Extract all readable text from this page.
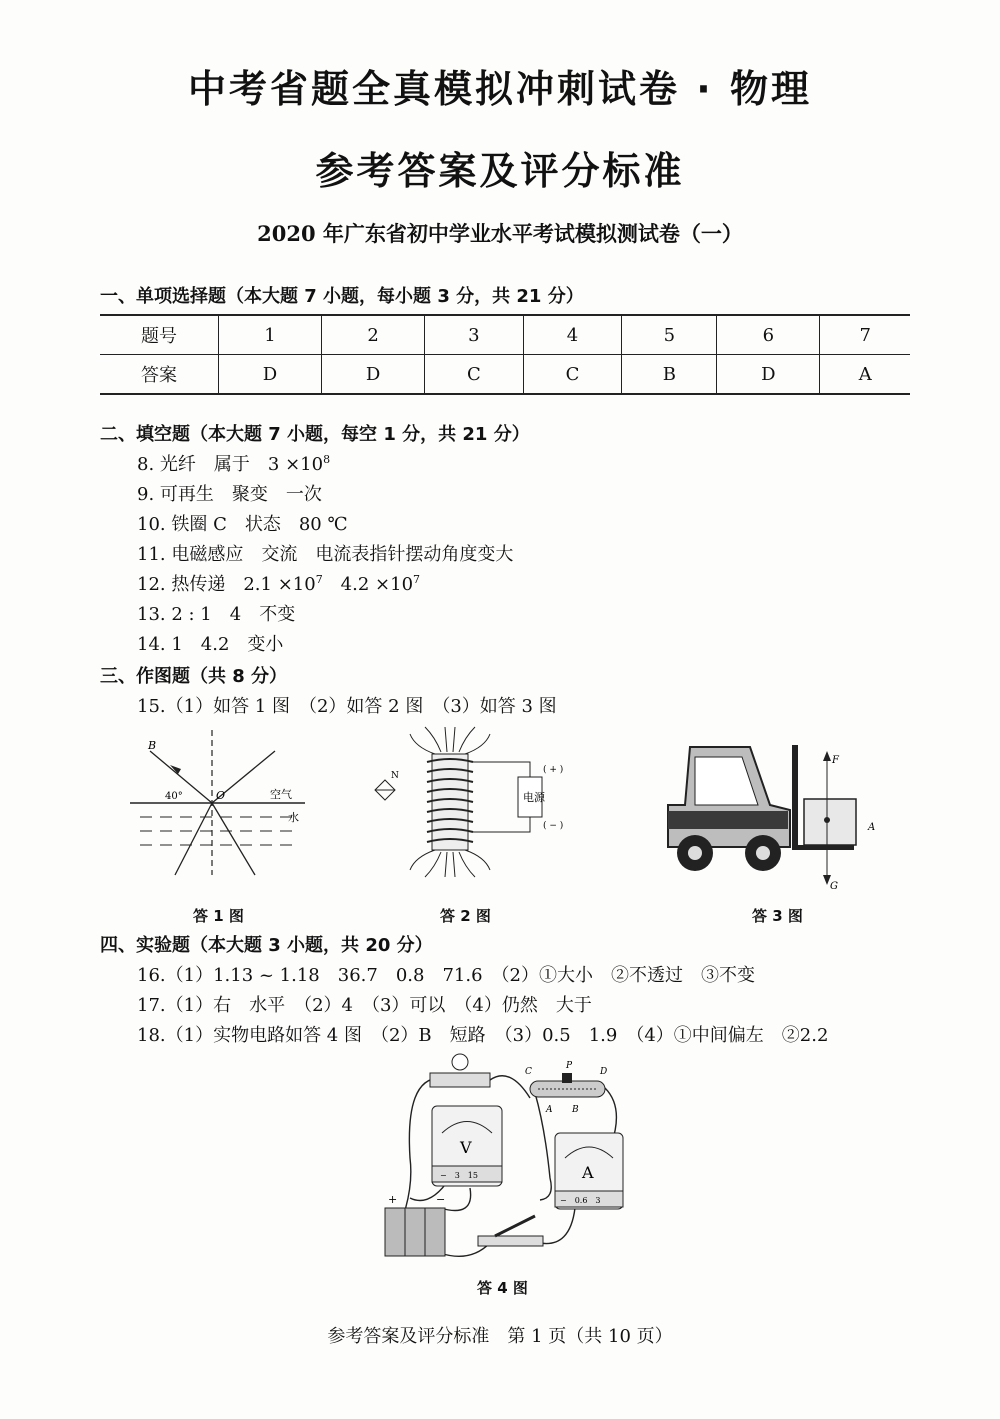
中考省题全真模拟冲刺试卷 · 物理
参考答案及评分标准
2020 年广东省初中学业水平考试模拟测试卷（一）
一、单项选择题（本大题 7 小题，每小题 3 分，共 21 分）
题号	1	2	3	4	5	6	7
答案	D	D	C	C	B	D	A
二、填空题（本大题 7 小题，每空 1 分，共 21 分）
8. 光纤　属于　$3 \times 10^8$
9. 可再生　聚变　一次
10. 铁圈 C　状态　80 ℃
11. 电磁感应　交流　电流表指针摆动角度变大
12. 热传递　$2.1 \times 10^7$　$4.2 \times 10^7$
13. 2 : 1　4　不变
14. 1　4.2　变小
三、作图题（共 8 分）
15.（1）如答 1 图　（2）如答 2 图　（3）如答 3 图
B
O
40°	空气
水
答 1 图
N
电源
( + )
( − )
答 2 图
F
A
G
答 3 图
四、实验题（本大题 3 小题，共 20 分）
16.（1）1.13 ~ 1.18　36.7　0.8　71.6　（2）①大小　②不透过　③不变
17.（1）右　水平　（2）4　（3）可以　（4）仍然　大于
18.（1）实物电路如答 4 图　（2）B　短路　（3）0.5　1.9　（4）①中间偏左　②2.2
C
P
D
A B
V
−　3　15	A
−　0.6　3
+	−
答 4 图
参考答案及评分标准　第 1 页（共 10 页）
